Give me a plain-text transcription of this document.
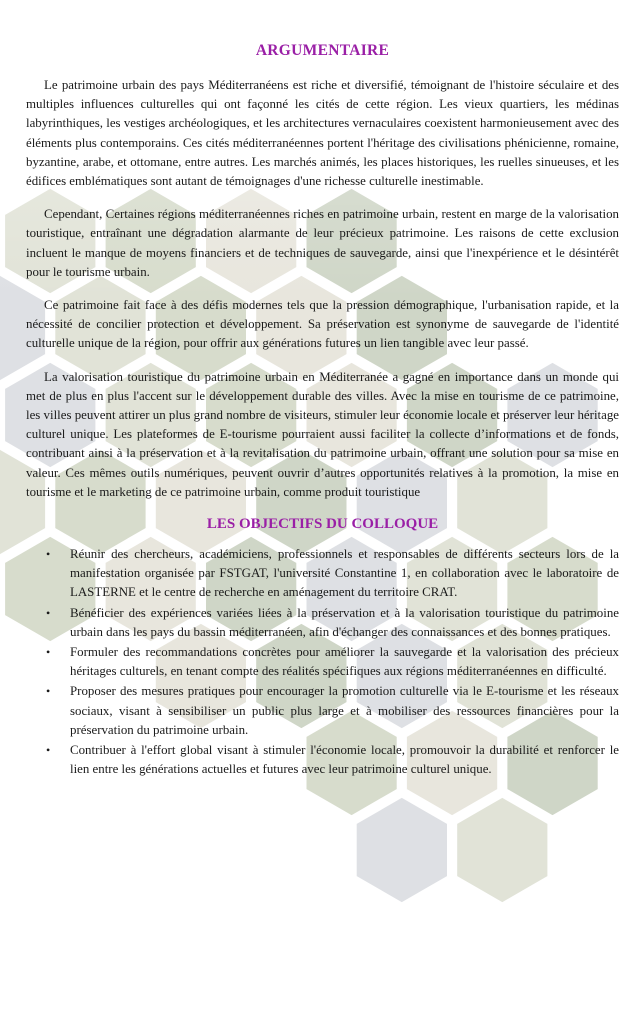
ARGUMENTAIRE

Le patrimoine urbain des pays Méditerranéens est riche et diversifié, témoignant de l'histoire séculaire et des multiples influences culturelles qui ont façonné les cités de cette région. Les vieux quartiers, les médinas labyrinthiques, les vestiges archéologiques, et les architectures vernaculaires coexistent harmonieusement avec des éléments plus contemporains. Ces cités méditerranéennes portent l'héritage des civilisations phénicienne, romaine, byzantine, arabe, et ottomane, entre autres. Les marchés animés, les places historiques, les ruelles sinueuses, et les édifices emblématiques sont autant de témoignages d'une richesse culturelle inestimable.

Cependant, Certaines régions méditerranéennes riches en patrimoine urbain, restent en marge de la valorisation touristique, entraînant une dégradation alarmante de leur précieux patrimoine. Les raisons de cette exclusion incluent le manque de moyens financiers et de techniques de sauvegarde, ainsi que l'inexpérience et le désintérêt pour le tourisme urbain.

Ce patrimoine fait face à des défis modernes tels que la pression démographique, l'urbanisation rapide, et la nécessité de concilier protection et développement. Sa préservation est synonyme de sauvegarde de l'identité culturelle unique de la région, pour offrir aux générations futures un lien tangible avec leur passé.

La valorisation touristique du patrimoine urbain en Méditerranée a gagné en importance dans un monde qui met de plus en plus l'accent sur le développement durable des villes. Avec la mise en tourisme de ce patrimoine, les villes peuvent attirer un plus grand nombre de visiteurs, stimuler leur économie locale et préserver leur héritage culturel unique. Les plateformes de E-tourisme pourraient aussi faciliter la collecte d’informations et de fonds, contribuant ainsi à la préservation et à la revitalisation du patrimoine urbain, offrant une solution pour sa mise en valeur. Ces mêmes outils numériques, peuvent ouvrir d’autres opportunités relatives à la promotion, la mise en tourisme et le marketing de ce patrimoine urbain, comme produit touristique

LES OBJECTIFS DU COLLOQUE
• Réunir des chercheurs, académiciens, professionnels et responsables de différents secteurs lors de la manifestation organisée par FSTGAT, l'université Constantine 1, en collaboration avec le laboratoire de LASTERNE et le centre de recherche en aménagement du territoire CRAT.
• Bénéficier des expériences variées liées à la préservation et à la valorisation touristique du patrimoine urbain dans les pays du bassin méditerranéen, afin d'échanger des connaissances et des bonnes pratiques.
• Formuler des recommandations concrètes pour améliorer la sauvegarde et la valorisation des précieux héritages culturels, en tenant compte des réalités spécifiques aux régions méditerranéennes en difficulté.
• Proposer des mesures pratiques pour encourager la promotion culturelle via le E-tourisme et les réseaux sociaux, visant à sensibiliser un public plus large et à mobiliser des ressources financières pour la préservation du patrimoine urbain.
• Contribuer à l'effort global visant à stimuler l'économie locale, promouvoir la durabilité et renforcer le lien entre les générations actuelles et futures avec leur patrimoine culturel unique.
